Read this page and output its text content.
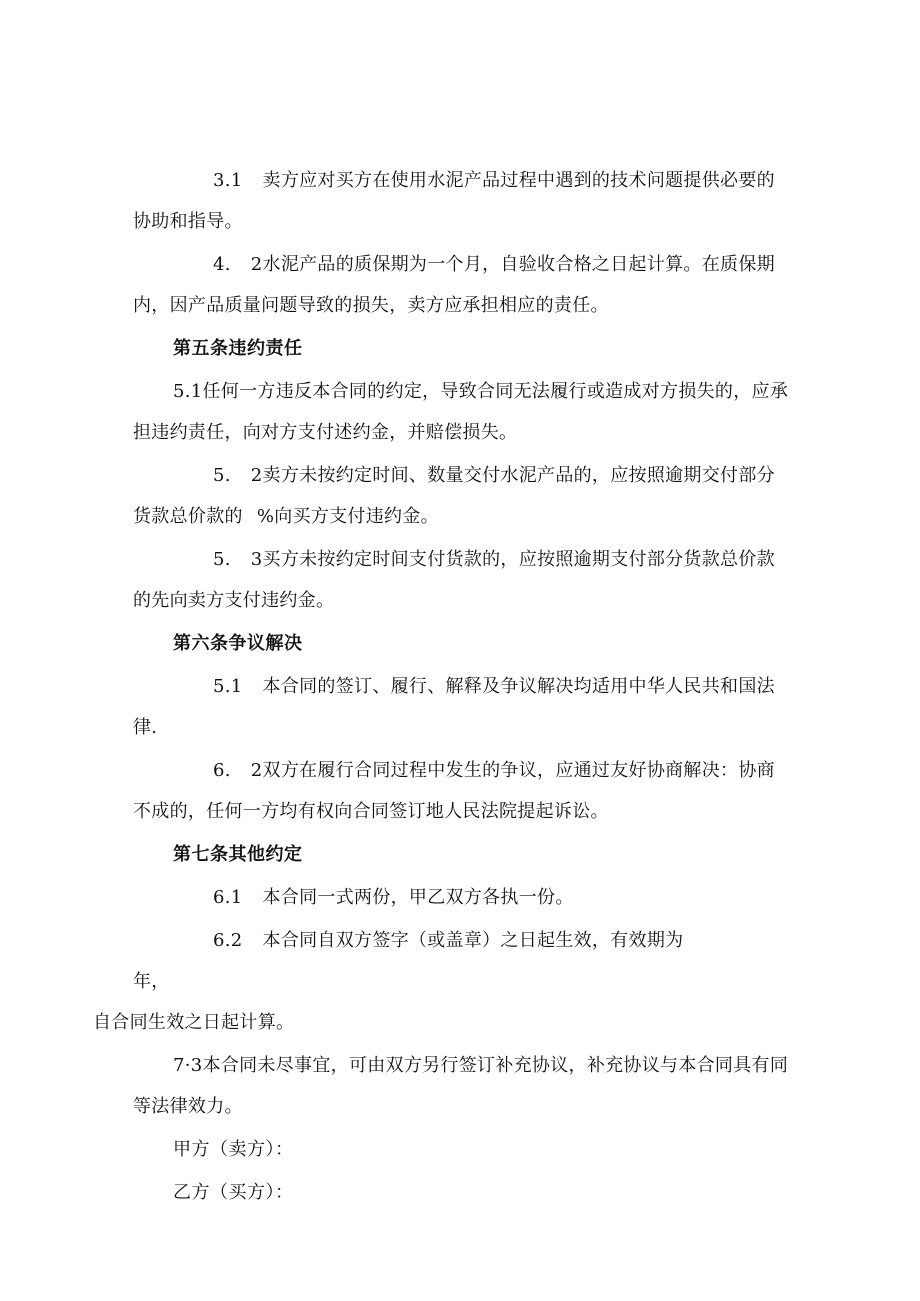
3.1 卖方应对买方在使用水泥产品过程中遇到的技术问题提供必要的协助和指导。

4. 2水泥产品的质保期为一个月，自验收合格之日起计算。在质保期内，因产品质量问题导致的损失，卖方应承担相应的责任。

第五条违约责任

5.1任何一方违反本合同的约定，导致合同无法履行或造成对方损失的，应承担违约责任，向对方支付述约金，并赔偿损失。

5. 2卖方未按约定时间、数量交付水泥产品的，应按照逾期交付部分货款总价款的 %向买方支付违约金。

5. 3买方未按约定时间支付货款的，应按照逾期支付部分货款总价款的先向卖方支付违约金。

第六条争议解决

5.1 本合同的签订、履行、解释及争议解决均适用中华人民共和国法律.

6. 2双方在履行合同过程中发生的争议，应通过友好协商解决：协商不成的，任何一方均有权向合同签订地人民法院提起诉讼。

第七条其他约定

6.1 本合同一式两份，甲乙双方各执一份。

6.2 本合同自双方签字（或盖章）之日起生效，有效期为年，
自合同生效之日起计算。

7·3本合同未尽事宜，可由双方另行签订补充协议，补充协议与本合同具有同等法律效力。

甲方（卖方）：

乙方（买方）：
